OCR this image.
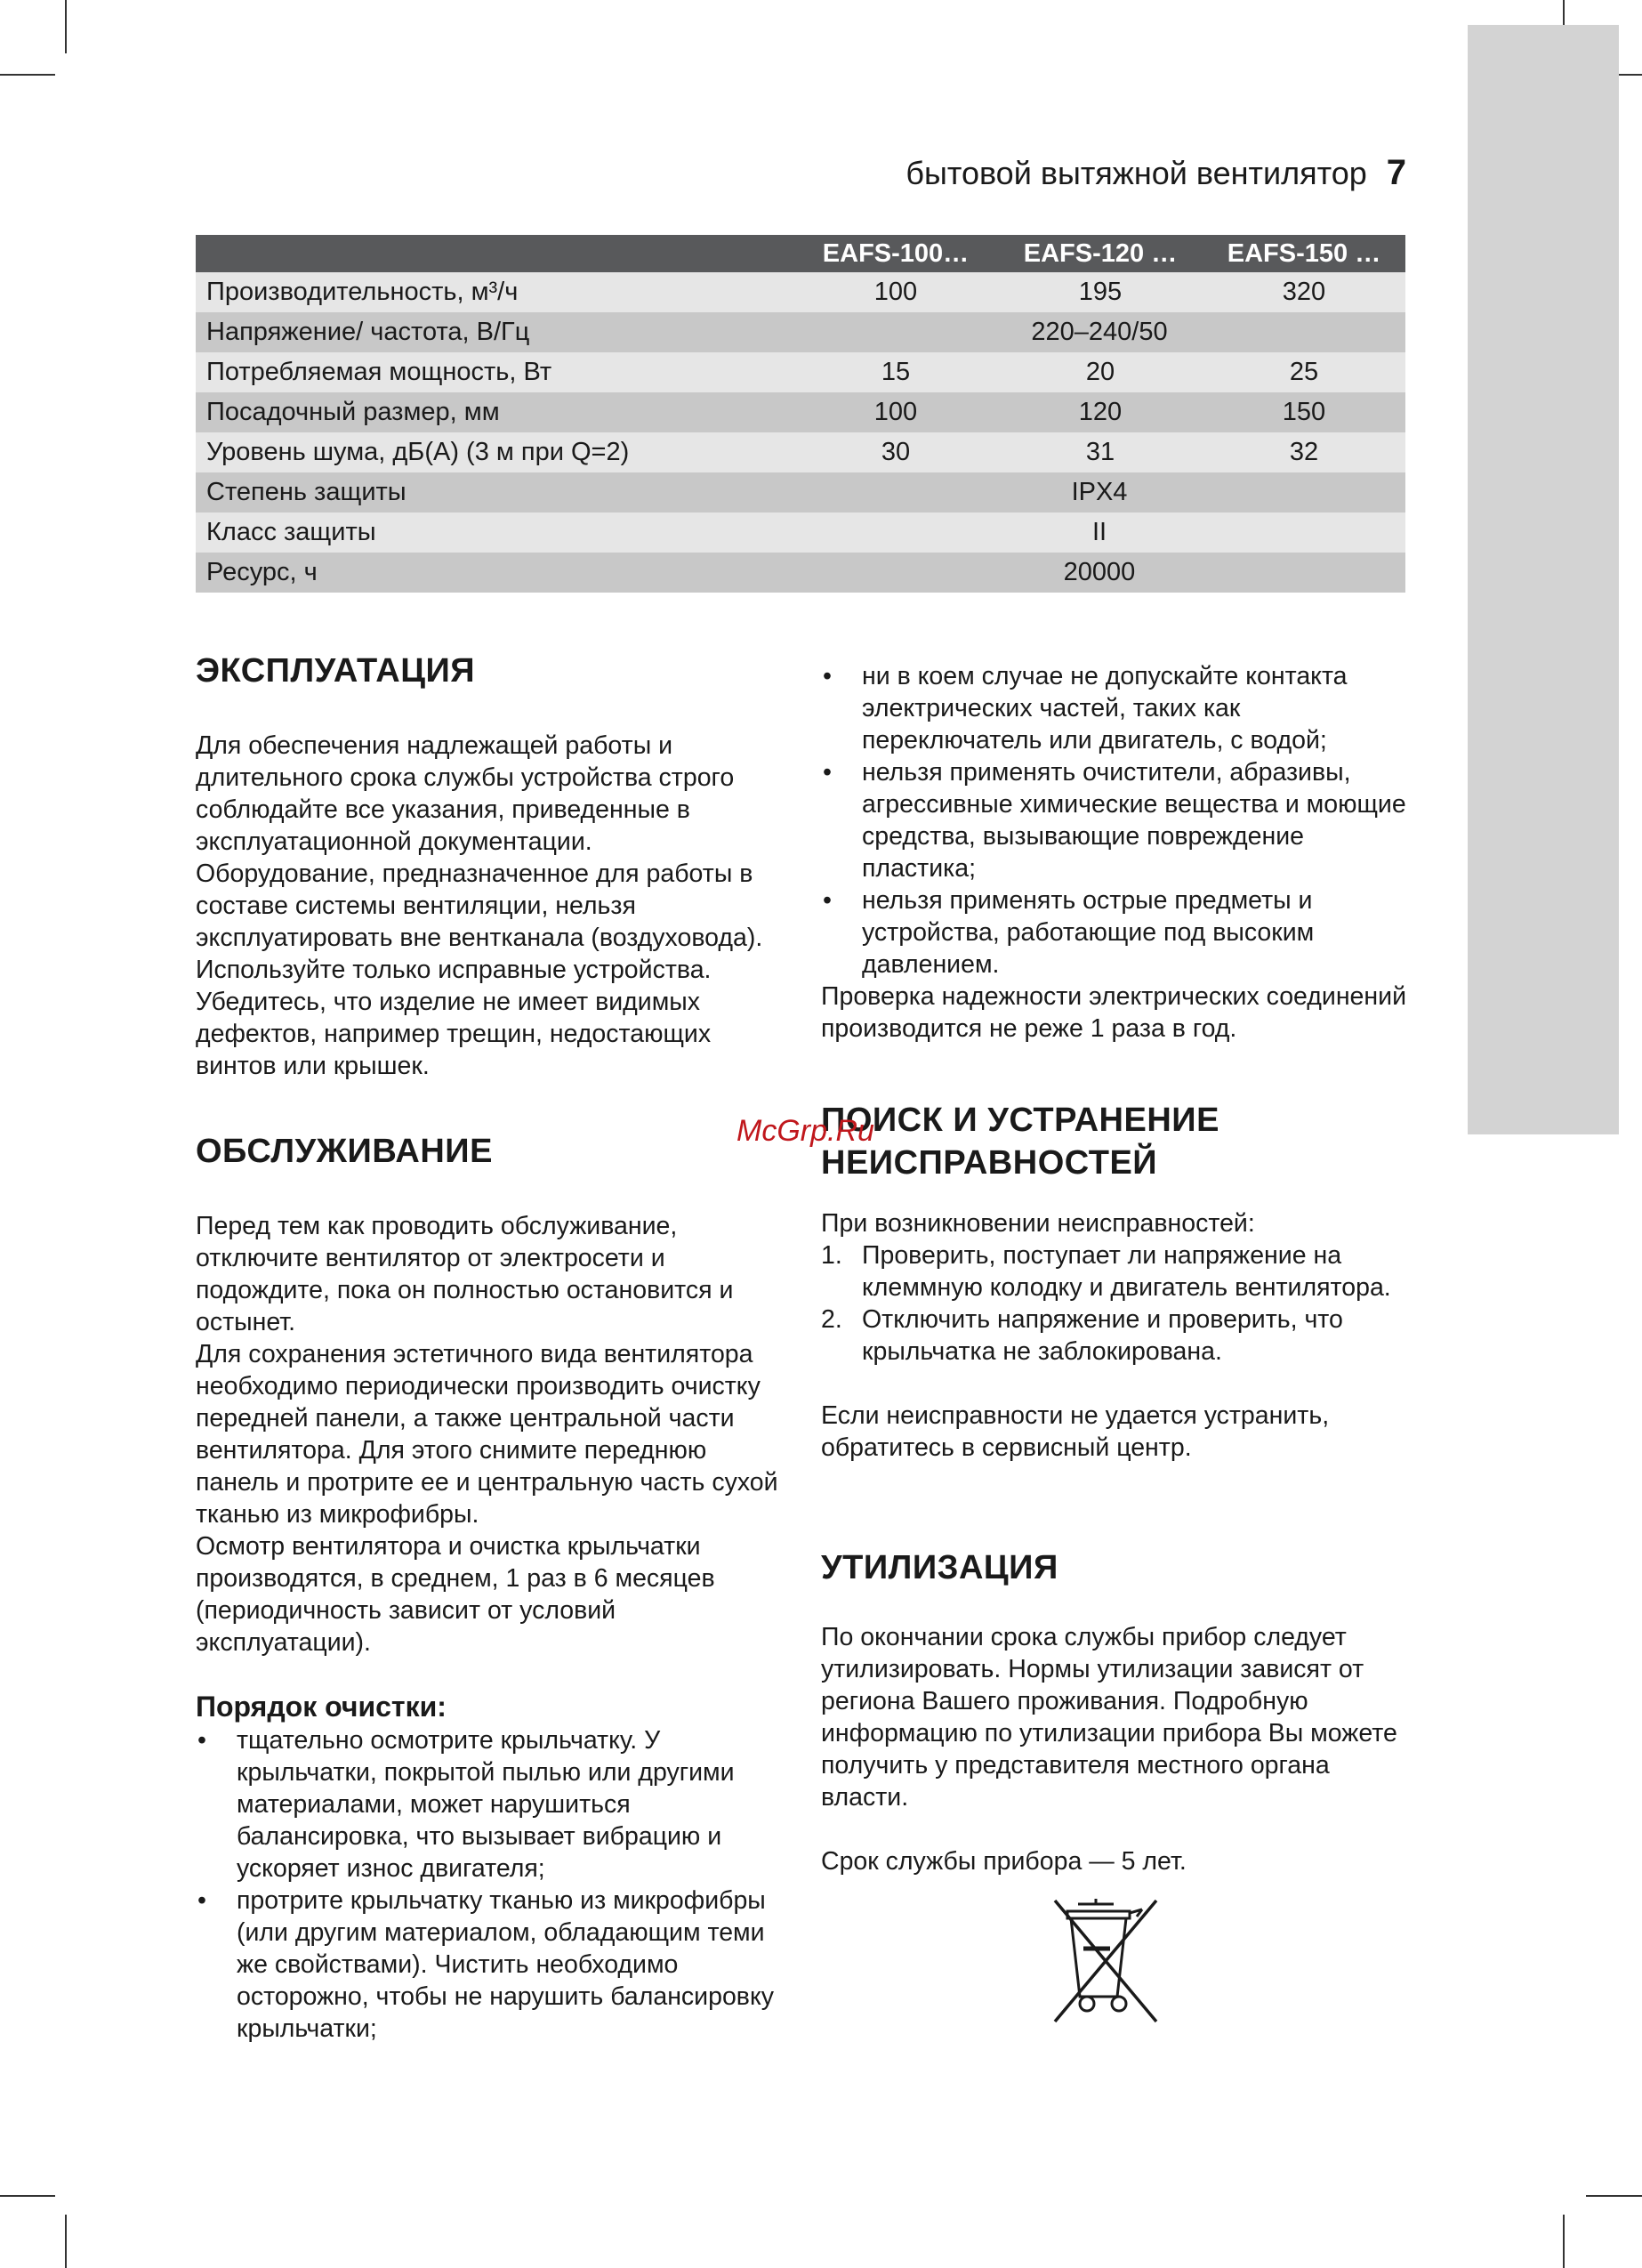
бытовой вытяжной вентилятор 7
	EAFS-100…	EAFS-120 …	EAFS-150 …
Производительность, м³/ч	100	195	320
Напряжение/ частота, В/Гц	220–240/50		
Потребляемая мощность, Вт	15	20	25
Посадочный размер, мм	100	120	150
Уровень шума, дБ(А) (3 м при Q=2)	30	31	32
Степень защиты	IPX4		
Класс защиты	II		
Ресурс, ч	20000		
ЭКСПЛУАТАЦИЯ

Для обеспечения надлежащей работы и длительного срока службы устройства строго соблюдайте все указания, приведенные в эксплуатационной документации.

Оборудование, предназначенное для работы в составе системы вентиляции, нельзя эксплуатировать вне вентканала (воздуховода).

Используйте только исправные устройства. Убедитесь, что изделие не имеет видимых дефектов, например трещин, недостающих винтов или крышек.

ОБСЛУЖИВАНИЕ

Перед тем как проводить обслуживание, отключите вентилятор от электросети и подождите, пока он полностью остановится и остынет.

Для сохранения эстетичного вида вентилятора необходимо периодически производить очистку передней панели, а также центральной части вентилятора. Для этого снимите переднюю панель и протрите ее и центральную часть сухой тканью из микрофибры.

Осмотр вентилятора и очистка крыльчатки производятся, в среднем, 1 раз в 6 месяцев (периодичность зависит от условий эксплуатации).

Порядок очистки:
• тщательно осмотрите крыльчатку. У крыльчатки, покрытой пылью или другими материалами, может нарушиться балансировка, что вызывает вибрацию и ускоряет износ двигателя;
• протрите крыльчатку тканью из микрофибры (или другим материалом, обладающим теми же свойствами). Чистить необходимо осторожно, чтобы не нарушить балансировку крыльчатки;
• ни в коем случае не допускайте контакта электрических частей, таких как переключатель или двигатель, с водой;
• нельзя применять очистители, абразивы, агрессивные химические вещества и моющие средства, вызывающие повреждение пластика;
• нельзя применять острые предметы и устройства, работающие под высоким давлением.

Проверка надежности электрических соединений производится не реже 1 раза в год.

ПОИСК И УСТРАНЕНИЕ
НЕИСПРАВНОСТЕЙ

При возникновении неисправностей:

1. Проверить, поступает ли напряжение на клеммную колодку и двигатель вентилятора.
2. Отключить напряжение и проверить, что крыльчатка не заблокирована.

Если неисправности не удается устранить, обратитесь в сервисный центр.

УТИЛИЗАЦИЯ

По окончании срока службы прибор следует утилизировать. Нормы утилизации зависят от региона Вашего проживания. Подробную информацию по утилизации прибора Вы можете получить у представителя местного органа власти.

Срок службы прибора — 5 лет.

McGrp.Ru
